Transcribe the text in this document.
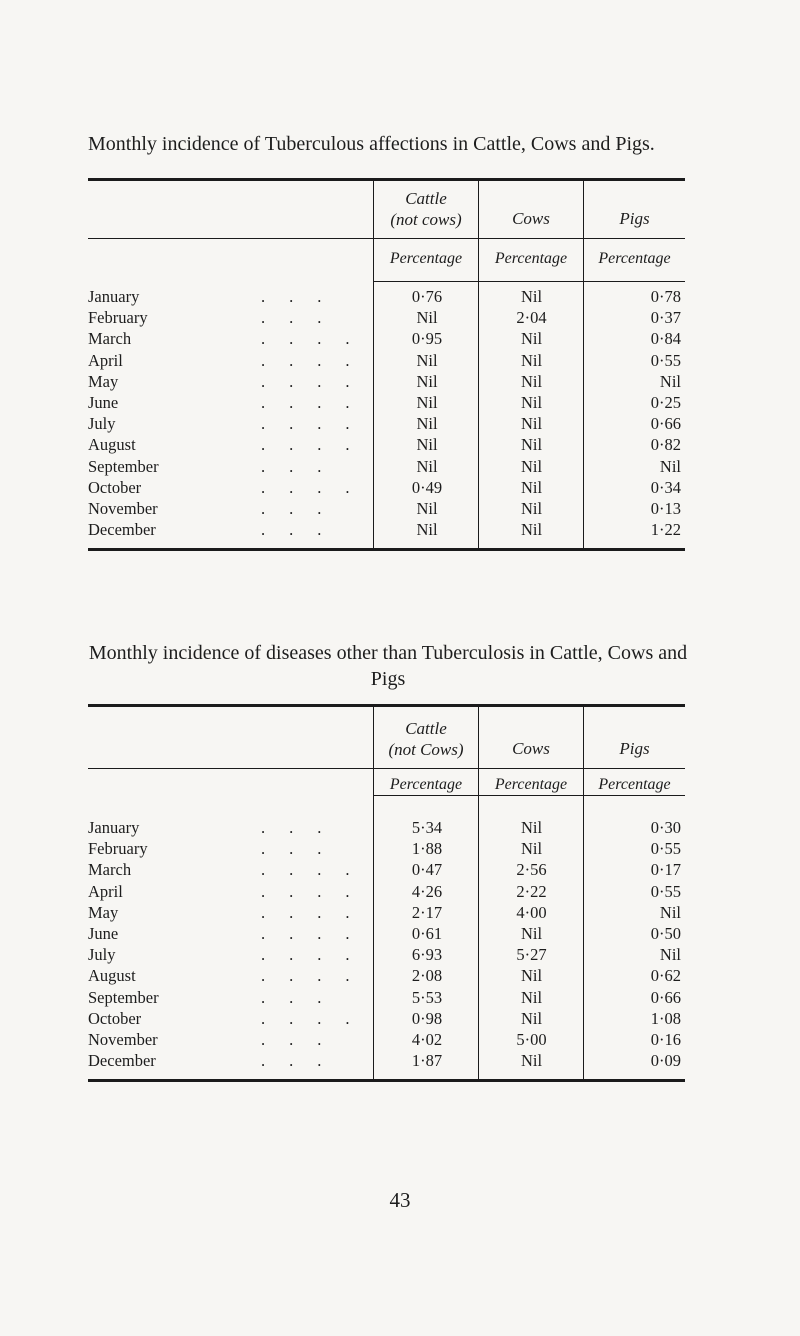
Monthly incidence of Tuberculous affections in Cattle, Cows and Pigs.
Cattle
(not cows)	Cows	Pigs
Percentage	Percentage	Percentage
January	...	0·76	Nil	0·78
February	...	Nil	2·04	0·37
March	....	0·95	Nil	0·84
April	....	Nil	Nil	0·55
May	....	Nil	Nil	Nil
June	....	Nil	Nil	0·25
July	....	Nil	Nil	0·66
August	....	Nil	Nil	0·82
September	...	Nil	Nil	Nil
October	....	0·49	Nil	0·34
November	...	Nil	Nil	0·13
December	...	Nil	Nil	1·22
Monthly incidence of diseases other than Tuberculosis in Cattle, Cows and Pigs
Cattle
(not Cows)	Cows	Pigs
Percentage	Percentage	Percentage
January	...	5·34	Nil	0·30
February	...	1·88	Nil	0·55
March	....	0·47	2·56	0·17
April	....	4·26	2·22	0·55
May	....	2·17	4·00	Nil
June	....	0·61	Nil	0·50
July	....	6·93	5·27	Nil
August	....	2·08	Nil	0·62
September	...	5·53	Nil	0·66
October	....	0·98	Nil	1·08
November	...	4·02	5·00	0·16
December	...	1·87	Nil	0·09
43
